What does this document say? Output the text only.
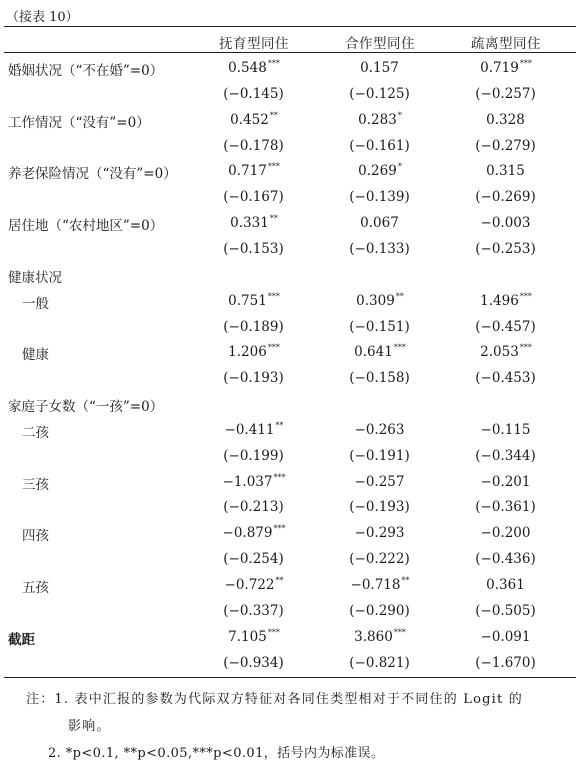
（接表 10）
抚育型同住	合作型同住	疏离型同住
婚姻状况（“不在婚”=0）	0.548***	0.157	0.719***
(−0.145)	(−0.125)	(−0.257)
工作情况（“没有”=0）	0.452**	0.283*	0.328
(−0.178)	(−0.161)	(−0.279)
养老保险情况（“没有”=0）	0.717***	0.269*	0.315
(−0.167)	(−0.139)	(−0.269)
居住地（“农村地区”=0）	0.331**	0.067	−0.003
(−0.153)	(−0.133)	(−0.253)
健康状况
一般	0.751***	0.309**	1.496***
(−0.189)	(−0.151)	(−0.457)
健康	1.206***	0.641***	2.053***
(−0.193)	(−0.158)	(−0.453)
家庭子女数（“一孩”=0）
二孩	−0.411**	−0.263	−0.115
(−0.199)	(−0.191)	(−0.344)
三孩	−1.037***	−0.257	−0.201
(−0.213)	(−0.193)	(−0.361)
四孩	−0.879***	−0.293	−0.200
(−0.254)	(−0.222)	(−0.436)
五孩	−0.722**	−0.718**	0.361
(−0.337)	(−0.290)	(−0.505)
截距	7.105***	3.860***	−0.091
(−0.934)	(−0.821)	(−1.670)
注：1. 表中汇报的参数为代际双方特征对各同住类型相对于不同住的 Logit 的
影响。
2. *p<0.1, **p<0.05,***p<0.01，括号内为标准误。
